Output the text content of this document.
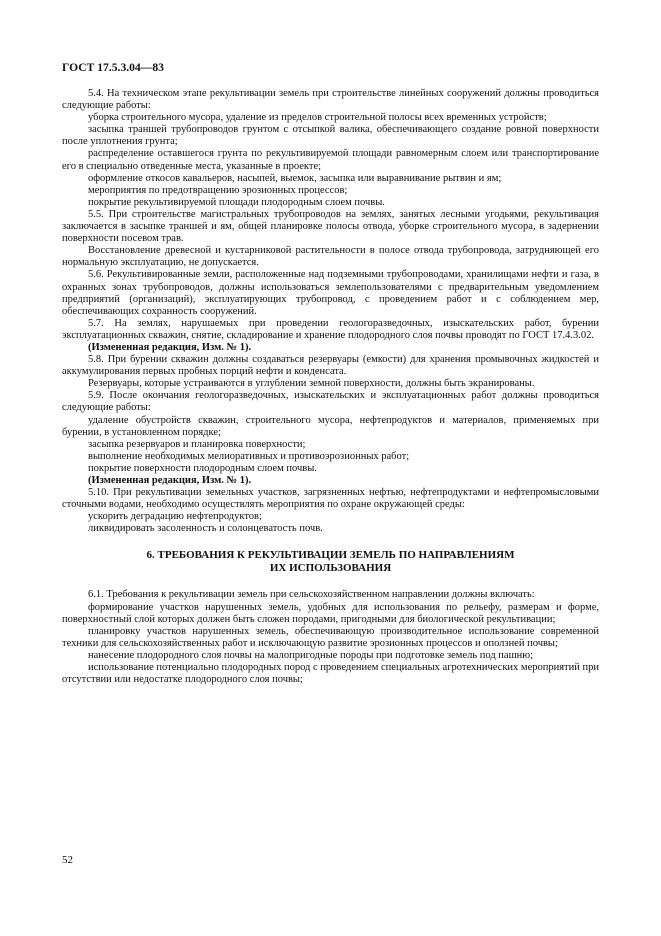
ГОСТ 17.5.3.04—83

5.4. На техническом этапе рекультивации земель при строительстве линейных сооружений должны проводиться следующие работы:

уборка строительного мусора, удаление из пределов строительной полосы всех временных устройств;

засыпка траншей трубопроводов грунтом с отсыпкой валика, обеспечивающего создание ровной поверхности после уплотнения грунта;

распределение оставшегося грунта по рекультивируемой площади равномерным слоем или транспортирование его в специально отведенные места, указанные в проекте;

оформление откосов кавальеров, насыпей, выемок, засыпка или выравнивание рытвин и ям;

мероприятия по предотвращению эрозионных процессов;

покрытие рекультивируемой площади плодородным слоем почвы.

5.5. При строительстве магистральных трубопроводов на землях, занятых лесными угодьями, рекультивация заключается в засыпке траншей и ям, общей планировке полосы отвода, уборке строительного мусора, в задернении поверхности посевом трав.

Восстановление древесной и кустарниковой растительности в полосе отвода трубопровода, затрудняющей его нормальную эксплуатацию, не допускается.

5.6. Рекультивированные земли, расположенные над подземными трубопроводами, хранилищами нефти и газа, в охранных зонах трубопроводов, должны использоваться землепользователями с предварительным уведомлением предприятий (организаций), эксплуатирующих трубопровод, с проведением работ и с соблюдением мер, обеспечивающих сохранность сооружений.

5.7. На землях, нарушаемых при проведении геологоразведочных, изыскательских работ, бурении эксплуатационных скважин, снятие, складирование и хранение плодородного слоя почвы проводят по ГОСТ 17.4.3.02.

(Измененная редакция, Изм. № 1).

5.8. При бурении скважин должны создаваться резервуары (емкости) для хранения промывочных жидкостей и аккумулирования первых пробных порций нефти и конденсата.

Резервуары, которые устраиваются в углублении земной поверхности, должны быть экранированы.

5.9. После окончания геологоразведочных, изыскательских и эксплуатационных работ должны проводиться следующие работы:

удаление обустройств скважин, строительного мусора, нефтепродуктов и материалов, применяемых при бурении, в установленном порядке;

засыпка резервуаров и планировка поверхности;

выполнение необходимых мелиоративных и противоэрозионных работ;

покрытие поверхности плодородным слоем почвы.

(Измененная редакция, Изм. № 1).

5.10. При рекультивации земельных участков, загрязненных нефтью, нефтепродуктами и нефтепромысловыми сточными водами, необходимо осуществлять мероприятия по охране окружающей среды:

ускорить деградацию нефтепродуктов;

ликвидировать засоленность и солонцеватость почв.

6. ТРЕБОВАНИЯ К РЕКУЛЬТИВАЦИИ ЗЕМЕЛЬ ПО НАПРАВЛЕНИЯМ
ИХ ИСПОЛЬЗОВАНИЯ

6.1. Требования к рекультивации земель при сельскохозяйственном направлении должны включать:

формирование участков нарушенных земель, удобных для использования по рельефу, размерам и форме, поверхностный слой которых должен быть сложен породами, пригодными для биологической рекультивации;

планировку участков нарушенных земель, обеспечивающую производительное использование современной техники для сельскохозяйственных работ и исключающую развитие эрозионных процессов и оползней почвы;

нанесение плодородного слоя почвы на малопригодные породы при подготовке земель под пашню;

использование потенциально плодородных пород с проведением специальных агротехнических мероприятий при отсутствии или недостатке плодородного слоя почвы;

52
